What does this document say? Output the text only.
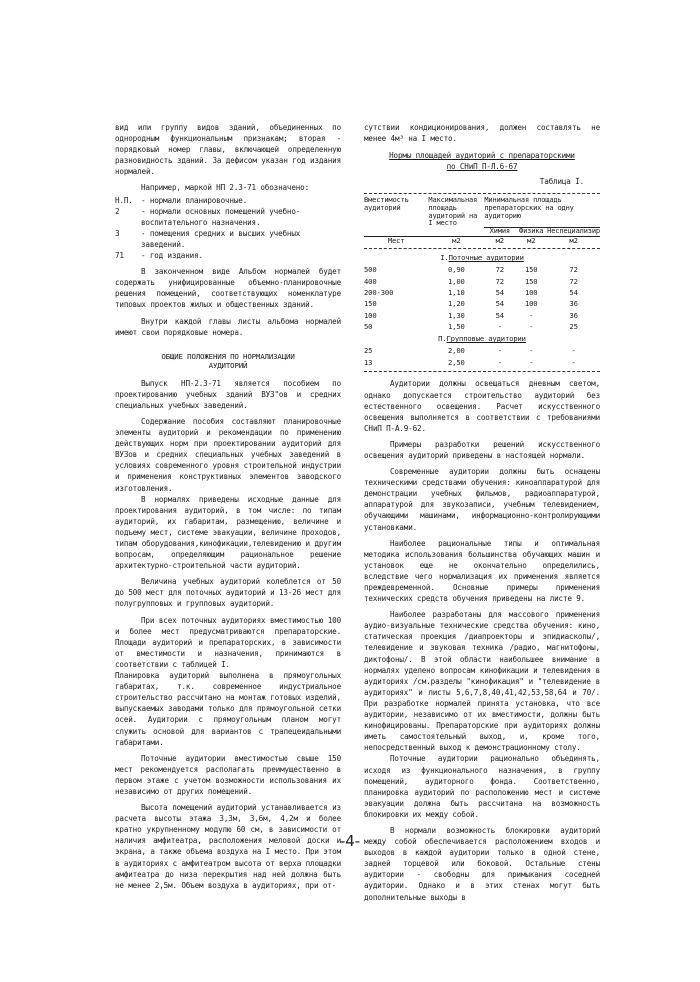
вид или группу видов зданий, объединенных по однородным функциональным признакам; вторая - порядковый номер главы, включающей определенную разновидность зданий. За дефисом указан год издания нормалей.

Например, маркой НП 2.3-71 обозначено:

Н.П.	- нормали планировочные.
2	- нормали основных помещений учебно-воспитательного назначения.
3	- помещения средних и высших учебных заведений.
71	- год издания.

В законченном виде Альбом нормалей будет содержать унифицированные объемно-планировочные решения помещений, соответствующих номенклатуре типовых проектов жилых и общественных зданий.

Внутри каждой главы листы альбома нормалей имеют свои порядковые номера.

ОБЩИЕ ПОЛОЖЕНИЯ ПО НОРМАЛИЗАЦИИ
АУДИТОРИЙ

Выпуск НП-2.3-71 является пособием по проектированию учебных зданий ВУЗ"ов и средних специальных учебных заведений.

Содержание пособия составляют планировочные элементы аудиторий и рекомендации по применению действующих норм при проектировании аудиторий для ВУЗов и средних специальных учебных заведений в условиях современного уровня строительной индустрии и применения конструктивных элементов заводского изготовления.

В нормалях приведены исходные данные для проектирования аудиторий, в том числе: по типам аудиторий, их габаритам, размещению, величине и подъему мест, системе эвакуации, величине проходов, типам оборудования,кинофикации,телевидению и другим вопросам, определяющим рациональное решение архитектурно-строительной части аудиторий.

Величина учебных аудиторий колеблется от 50 до 500 мест для поточных аудиторий и 13-26 мест для полугрупповых и групповых аудиторий.

При всех поточных аудиториях вместимостью 100 и более мест предусматриваются препараторские. Площади аудиторий и препараторских, в зависимости от вместимости и назначения, принимаются в соответствии с таблицей I.

Планировка аудиторий выполнена в прямоугольных габаритах, т.к. современное индустриальное строительство рассчитано на монтаж готовых изделий, выпускаемых заводами только для прямоугольной сетки осей. Аудитории с прямоугольным планом могут служить основой для вариантов с трапецеидальными габаритами.

Поточные аудитории вместимостью свыше 150 мест рекомендуется располагать преимущественно в первом этаже с учетом возможности использования их независимо от других помещений.

Высота помещений аудиторий устанавливается из расчета высоты этажа 3,3м, 3,6м, 4,2м и более кратно укрупненному модулю 60 см, в зависимости от наличия амфитеатра, расположения меловой доски и экрана, а также объема воздуха на I место. При этом в аудиториях с амфитеатром высота от верха площадки амфитеатра до низа перекрытия над ней должна быть не менее 2,5м. Объем воздуха в аудиториях, при от-

сутствии кондиционирования, должен составлять не менее 4м³ на I место.

Нормы площадей аудиторий с препараторскими
по СНиП П-Л.6-67
Таблица I.
Вместимость аудиторий	Максимальная площадь аудиторий на I место	Минимальная площадь препараторских на одну аудиторию		
		Химия	Физика	Неспециализир
Мест	м2	м2	м2	м2

I.Поточные аудитории				
500	0,90	72	150	72
400	1,00	72	150	72
200-300	1,10	54	100	54
150	1,20	54	100	36
100	1,30	54	-	36
50	1,50	-	-	25
П.Групповые аудитории				
25	2,00	-	-	-
13	2,50	-	-	-

Аудитории должны освещаться дневным светом, однако допускается строительство аудиторий без естественного освещения. Расчет искусственного освещения выполняется в соответствии с требованиями СНиП П-А.9-62.

Примеры разработки решений искусственного освещения аудиторий приведены в настоящей нормали.

Современные аудитории должны быть оснащены техническими средствами обучения: киноаппаратурой для демонстрации учебных фильмов, радиоаппаратурой, аппаратурой для звукозаписи, учебным телевидением, обучающими машинами, информационно-контролирующими установками.

Наиболее рациональные типы и оптимальная методика использования большинства обучающих машин и установок еще не окончательно определились, вследствие чего нормализация их применения является преждевременной. Основные примеры применения технических средств обучения приведены на листе 9.

Наиболее разработаны для массового применения аудио-визуальные технические средства обучения: кино, статическая проекция /диапроекторы и эпидиаскопы/, телевидение и звуковая техника /радио, магнитофоны, диктофоны/. В этой области наибольшее внимание в нормалях уделено вопросам кинофикации и телевидения в аудиториях /см.разделы "кинофикация" и "телевидение в аудиториях" и листы 5,6,7,8,40,41,42,53,58,64 и 70/. При разработке нормалей принята установка, что все аудитории, независимо от их вместимости, должны быть кинофицированы. Препараторские при аудиториях должны иметь самостоятельный выход, и, кроме того, непосредственный выход к демонстрационному столу.

Поточные аудитории рационально объединять, исходя из функционального назначения, в группу помещений, аудиторного фонда. Соответственно, планировка аудиторий по расположению мест и системе эвакуации должна быть рассчитана на возможность блокировки их между собой.

В нормали возможность блокировки аудиторий между собой обеспечивается расположением входов и выходов в каждой аудитории только в одной стене, задней торцевой или боковой. Остальные стены аудитории - свободны для примыкания соседней аудитории. Однако и в этих стенах могут быть дополнительные выходы в

-4-
